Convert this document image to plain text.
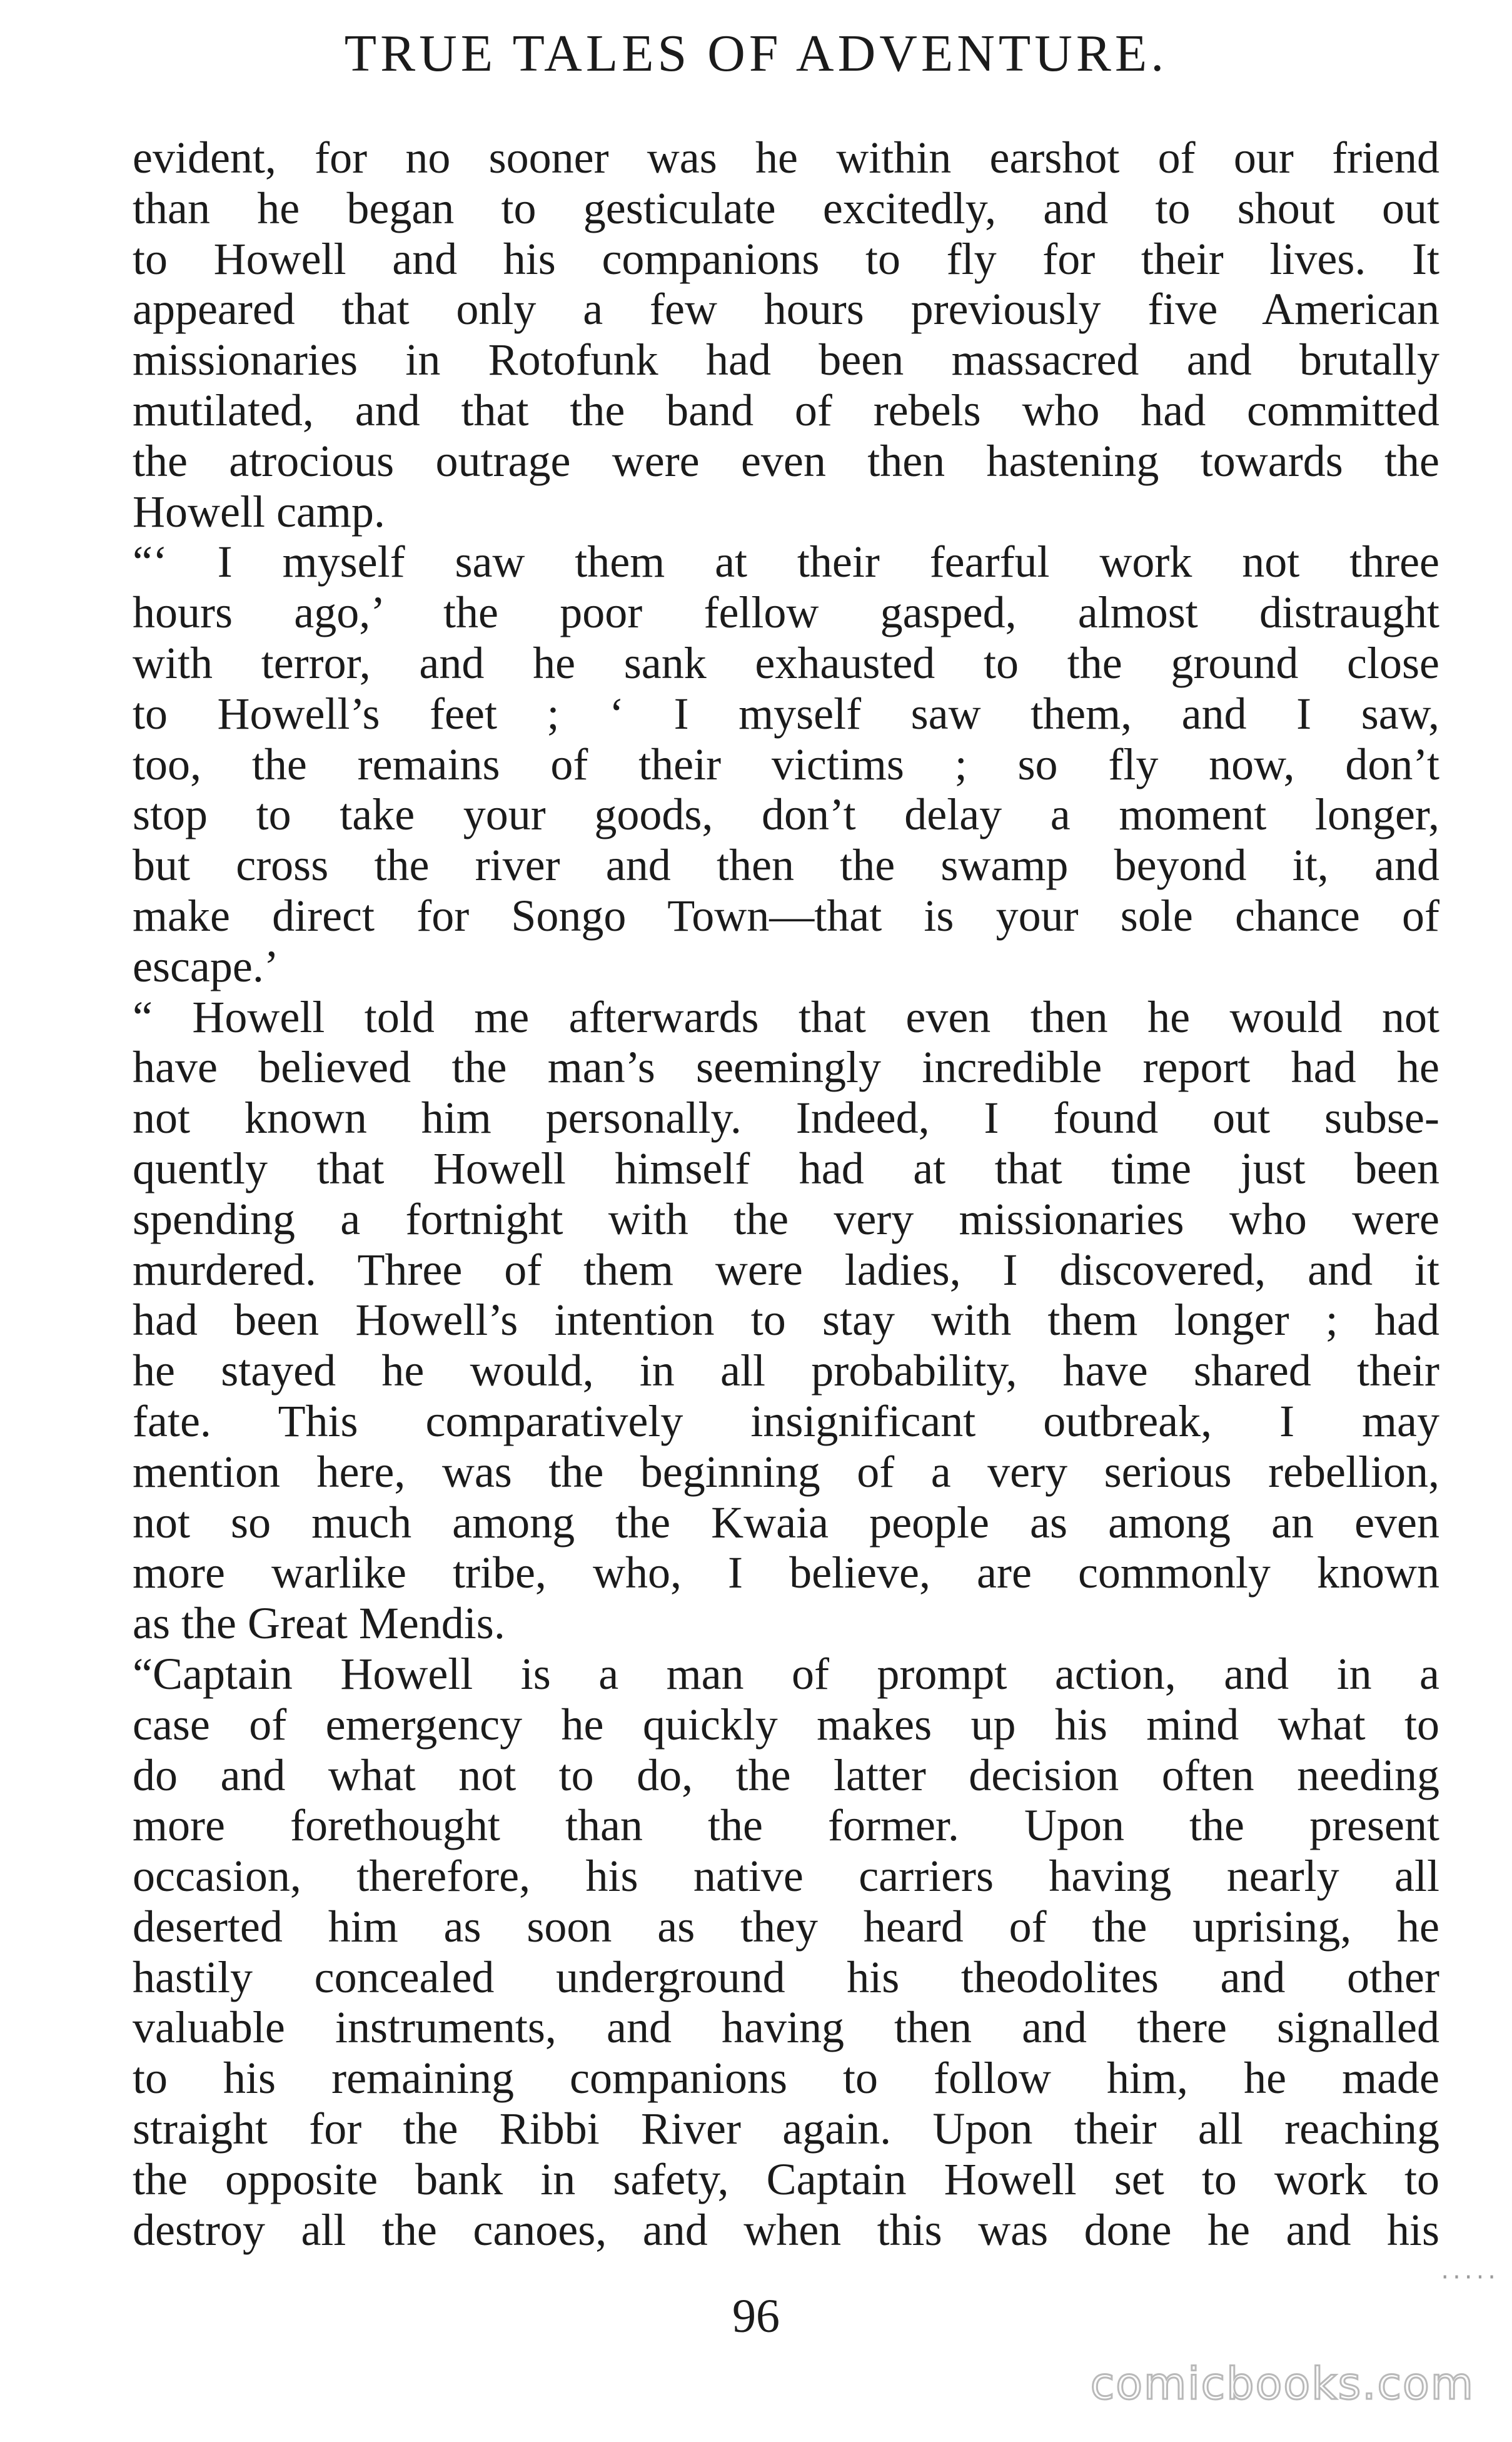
TRUE TALES OF ADVENTURE.
evident, for no sooner was he within earshot of our friend
than he began to gesticulate excitedly, and to shout out
to Howell and his companions to fly for their lives. It
appeared that only a few hours previously five American
missionaries in Rotofunk had been massacred and brutally
mutilated, and that the band of rebels who had committed
the atrocious outrage were even then hastening towards the
Howell camp.
“‘ I myself saw them at their fearful work not three
hours ago,’ the poor fellow gasped, almost distraught
with terror, and he sank exhausted to the ground close
to Howell’s feet ; ‘ I myself saw them, and I saw,
too, the remains of their victims ; so fly now, don’t
stop to take your goods, don’t delay a moment longer,
but cross the river and then the swamp beyond it, and
make direct for Songo Town—that is your sole chance of
escape.’
“ Howell told me afterwards that even then he would not
have believed the man’s seemingly incredible report had he
not known him personally. Indeed, I found out subse-
quently that Howell himself had at that time just been
spending a fortnight with the very missionaries who were
murdered. Three of them were ladies, I discovered, and it
had been Howell’s intention to stay with them longer ; had
he stayed he would, in all probability, have shared their
fate. This comparatively insignificant outbreak, I may
mention here, was the beginning of a very serious rebellion,
not so much among the Kwaia people as among an even
more warlike tribe, who, I believe, are commonly known
as the Great Mendis.
“Captain Howell is a man of prompt action, and in a
case of emergency he quickly makes up his mind what to
do and what not to do, the latter decision often needing
more forethought than the former. Upon the present
occasion, therefore, his native carriers having nearly all
deserted him as soon as they heard of the uprising, he
hastily concealed underground his theodolites and other
valuable instruments, and having then and there signalled
to his remaining companions to follow him, he made
straight for the Ribbi River again. Upon their all reaching
the opposite bank in safety, Captain Howell set to work to
destroy all the canoes, and when this was done he and his
96
·····
comicbooks.com
